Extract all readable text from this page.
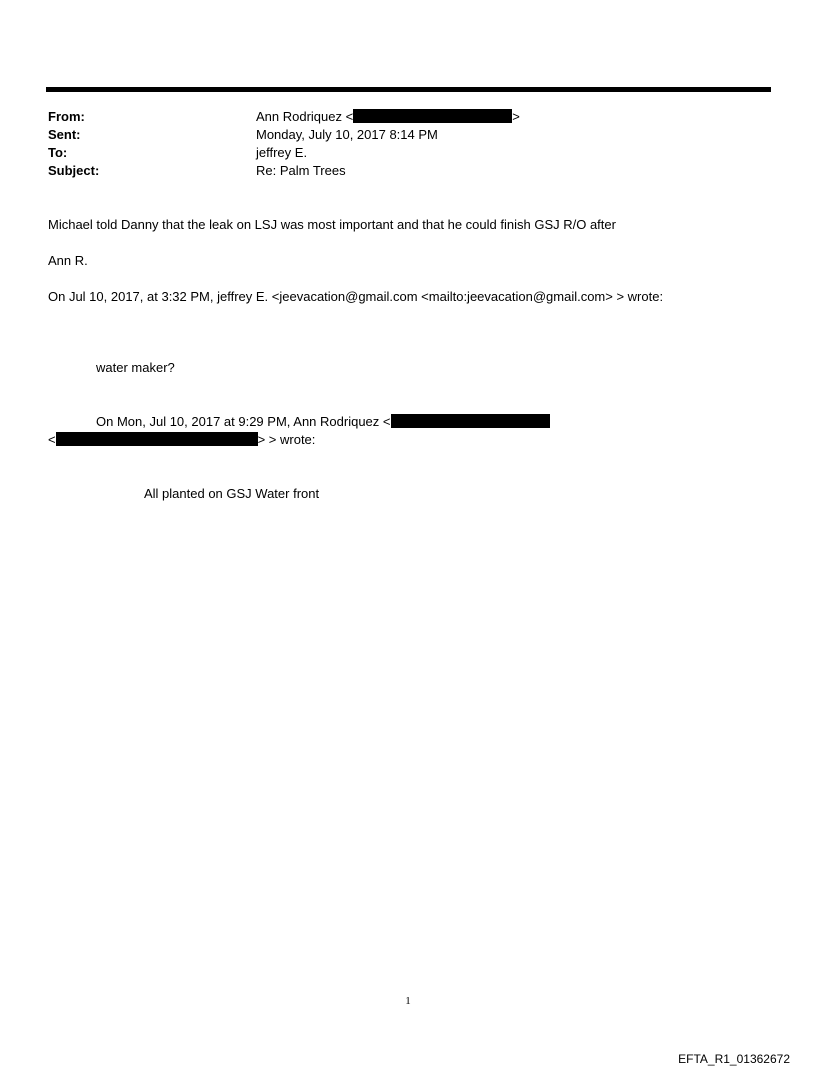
From:	Ann Rodriquez <	>
Sent:	Monday, July 10, 2017 8:14 PM
To:	jeffrey E.
Subject:	Re: Palm Trees
Michael told Danny that the leak on LSJ was most important and that he could finish GSJ R/O after
Ann R.
On Jul 10, 2017, at 3:32 PM, jeffrey E. <jeevacation@gmail.com <mailto:jeevacation@gmail.com> > wrote:
water maker?
On Mon, Jul 10, 2017 at 9:29 PM, Ann Rodriquez <
<	> > wrote:
All planted on GSJ Water front
1
EFTA_R1_01362672
